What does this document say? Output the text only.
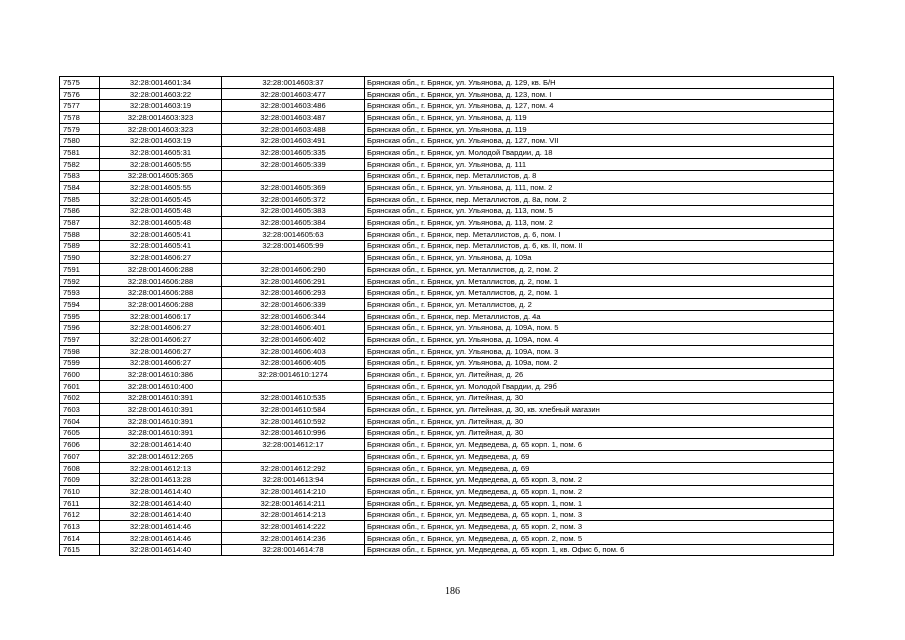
7575	32:28:0014601:34	32:28:0014603:37	Брянская обл., г. Брянск, ул. Ульянова, д. 129, кв. Б/Н
7576	32:28:0014603:22	32:28:0014603:477	Брянская обл., г. Брянск, ул. Ульянова, д. 123, пом. I
7577	32:28:0014603:19	32:28:0014603:486	Брянская обл., г. Брянск, ул. Ульянова, д. 127, пом. 4
7578	32:28:0014603:323	32:28:0014603:487	Брянская обл., г. Брянск, ул. Ульянова, д. 119
7579	32:28:0014603:323	32:28:0014603:488	Брянская обл., г. Брянск, ул. Ульянова, д. 119
7580	32:28:0014603:19	32:28:0014603:491	Брянская обл., г. Брянск, ул. Ульянова, д. 127, пом. VII
7581	32:28:0014605:31	32:28:0014605:335	Брянская обл., г. Брянск, ул. Молодой Гвардии, д. 18
7582	32:28:0014605:55	32:28:0014605:339	Брянская обл., г. Брянск, ул. Ульянова, д. 111
7583	32:28:0014605:365		Брянская обл., г. Брянск, пер. Металлистов, д. 8
7584	32:28:0014605:55	32:28:0014605:369	Брянская обл., г. Брянск, ул. Ульянова, д. 111, пом. 2
7585	32:28:0014605:45	32:28:0014605:372	Брянская обл., г. Брянск, пер. Металлистов, д. 8а, пом. 2
7586	32:28:0014605:48	32:28:0014605:383	Брянская обл., г. Брянск, ул. Ульянова, д. 113, пом. 5
7587	32:28:0014605:48	32:28:0014605:384	Брянская обл., г. Брянск, ул. Ульянова, д. 113, пом. 2
7588	32:28:0014605:41	32:28:0014605:63	Брянская обл., г. Брянск, пер. Металлистов, д. 6, пом. I
7589	32:28:0014605:41	32:28:0014605:99	Брянская обл., г. Брянск, пер. Металлистов, д. 6, кв. II, пом. II
7590	32:28:0014606:27		Брянская обл., г. Брянск, ул. Ульянова, д. 109а
7591	32:28:0014606:288	32:28:0014606:290	Брянская обл., г. Брянск, ул. Металлистов, д. 2, пом. 2
7592	32:28:0014606:288	32:28:0014606:291	Брянская обл., г. Брянск, ул. Металлистов, д. 2, пом. 1
7593	32:28:0014606:288	32:28:0014606:293	Брянская обл., г. Брянск, ул. Металлистов, д. 2, пом. 1
7594	32:28:0014606:288	32:28:0014606:339	Брянская обл., г. Брянск, ул. Металлистов, д. 2
7595	32:28:0014606:17	32:28:0014606:344	Брянская обл., г. Брянск, пер. Металлистов, д. 4а
7596	32:28:0014606:27	32:28:0014606:401	Брянская обл., г. Брянск, ул. Ульянова, д. 109А, пом. 5
7597	32:28:0014606:27	32:28:0014606:402	Брянская обл., г. Брянск, ул. Ульянова, д. 109А, пом. 4
7598	32:28:0014606:27	32:28:0014606:403	Брянская обл., г. Брянск, ул. Ульянова, д. 109А, пом. 3
7599	32:28:0014606:27	32:28:0014606:405	Брянская обл., г. Брянск, ул. Ульянова, д. 109а, пом. 2
7600	32:28:0014610:386	32:28:0014610:1274	Брянская обл., г. Брянск, ул. Литейная, д. 26
7601	32:28:0014610:400		Брянская обл., г. Брянск, ул. Молодой Гвардии, д. 29б
7602	32:28:0014610:391	32:28:0014610:535	Брянская обл., г. Брянск, ул. Литейная, д. 30
7603	32:28:0014610:391	32:28:0014610:584	Брянская обл., г. Брянск, ул. Литейная, д. 30, кв. хлебный магазин
7604	32:28:0014610:391	32:28:0014610:592	Брянская обл., г. Брянск, ул. Литейная, д. 30
7605	32:28:0014610:391	32:28:0014610:996	Брянская обл., г. Брянск, ул. Литейная, д. 30
7606	32:28:0014614:40	32:28:0014612:17	Брянская обл., г. Брянск, ул. Медведева, д. 65 корп. 1, пом. 6
7607	32:28:0014612:265		Брянская обл., г. Брянск, ул. Медведева, д. 69
7608	32:28:0014612:13	32:28:0014612:292	Брянская обл., г. Брянск, ул. Медведева, д. 69
7609	32:28:0014613:28	32:28:0014613:94	Брянская обл., г. Брянск, ул. Медведева, д. 65 корп. 3, пом. 2
7610	32:28:0014614:40	32:28:0014614:210	Брянская обл., г. Брянск, ул. Медведева, д. 65 корп. 1, пом. 2
7611	32:28:0014614:40	32:28:0014614:211	Брянская обл., г. Брянск, ул. Медведева, д. 65 корп. 1, пом. 1
7612	32:28:0014614:40	32:28:0014614:213	Брянская обл., г. Брянск, ул. Медведева, д. 65 корп. 1, пом. 3
7613	32:28:0014614:46	32:28:0014614:222	Брянская обл., г. Брянск, ул. Медведева, д. 65 корп. 2, пом. 3
7614	32:28:0014614:46	32:28:0014614:236	Брянская обл., г. Брянск, ул. Медведева, д. 65 корп. 2, пом. 5
7615	32:28:0014614:40	32:28:0014614:78	Брянская обл., г. Брянск, ул. Медведева, д. 65 корп. 1, кв. Офис 6, пом. 6
186
